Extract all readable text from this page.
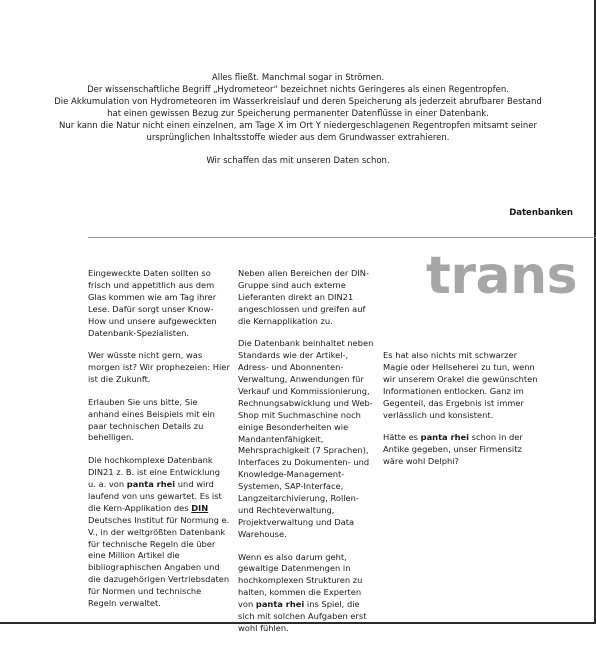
Alles fließt. Manchmal sogar in Strömen.

Der wissenschaftliche Begriff „Hydrometeor“ bezeichnet nichts Geringeres als einen Regentropfen.

Die Akkumulation von Hydrometeoren im Wasserkreislauf und deren Speicherung als jederzeit abrufbarer Bestand

hat einen gewissen Bezug zur Speicherung permanenter Datenflüsse in einer Datenbank.

Nur kann die Natur nicht einen einzelnen, am Tage X im Ort Y niedergeschlagenen Regentropfen mitsamt seiner

ursprünglichen Inhaltsstoffe wieder aus dem Grundwasser extrahieren.

Wir schaffen das mit unseren Daten schon.

Datenbanken

trans

Eingeweckte Daten sollten so frisch und appetitlich aus dem Glas kommen wie am Tag ihrer Lese. Dafür sorgt unser Know-How und unsere aufgeweckten Datenbank-Spezialisten.

Wer wüsste nicht gern, was morgen ist? Wir prophezeien: Hier ist die Zukunft.

Erlauben Sie uns bitte, Sie anhand eines Beispiels mit ein paar technischen Details zu behelligen.

Die hochkomplexe Datenbank DIN21 z. B. ist eine Entwicklung u. a. von panta rhei und wird laufend von uns gewartet. Es ist die Kern-Applikation des DIN Deutsches Institut für Normung e. V., in der weltgrößten Datenbank für technische Regeln die über eine Million Artikel die bibliographischen Angaben und die dazugehörigen Vertriebsdaten für Normen und technische Regeln verwaltet.

Neben allen Bereichen der DIN-Gruppe sind auch externe Lieferanten direkt an DIN21 angeschlossen und greifen auf die Kernapplikation zu.

Die Datenbank beinhaltet neben Standards wie der Artikel-, Adress- und Abonnenten-Verwaltung, Anwendungen für Verkauf und Kommissionierung, Rechnungsabwicklung und Web-Shop mit Suchmaschine noch einige Besonderheiten wie Mandantenfähigkeit, Mehrsprachigkeit (7 Sprachen), Interfaces zu Dokumenten- und Knowledge-Management-Systemen, SAP-Interface, Langzeitarchivierung, Rollen- und Rechteverwaltung, Projektverwaltung und Data Warehouse.

Wenn es also darum geht, gewaltige Datenmengen in hochkomplexen Strukturen zu halten, kommen die Experten von panta rhei ins Spiel, die sich mit solchen Aufgaben erst wohl fühlen.

Es hat also nichts mit schwarzer Magie oder Hellseherei zu tun, wenn wir unserem Orakel die gewünschten Informationen entlocken. Ganz im Gegenteil, das Ergebnis ist immer verlässlich und konsistent.

Hätte es panta rhei schon in der Antike gegeben, unser Firmensitz wäre wohl Delphi?
